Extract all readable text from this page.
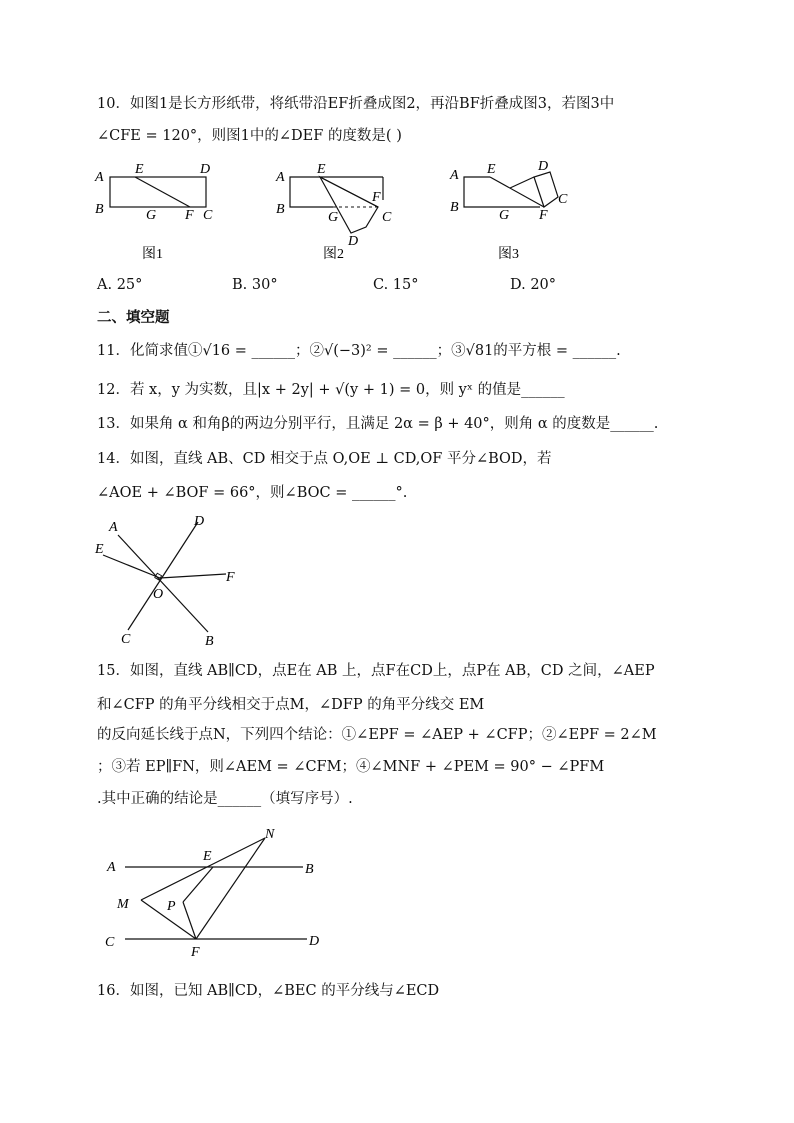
10．如图1是长方形纸带，将纸带沿EF折叠成图2，再沿BF折叠成图3，若图3中
∠CFE = 120°，则图1中的∠DEF 的度数是( )
A
B
E	D
G F C
图1
A
B
E
F
G	C
D
图2
A
B
E	D
G F
C
图3
A. 25°	B. 30°	C. 15°	D. 20°
二、填空题
11．化简求值①√16 = ______；②√(−3)² = ______；③√81的平方根 = ______.
12．若 x，y 为实数，且|x + 2y| + √(y + 1) = 0，则 yˣ 的值是______
13．如果角 α 和角β的两边分别平行，且满足 2α = β + 40°，则角 α 的度数是______.
14．如图，直线 AB、CD 相交于点 O,OE ⊥ CD,OF 平分∠BOD，若
∠AOE + ∠BOF = 66°，则∠BOC = ______°.
A	D
E
F
O
C	B
15．如图，直线 AB∥CD，点E在 AB 上，点F在CD上，点P在 AB，CD 之间，∠AEP
和∠CFP 的角平分线相交于点M，∠DFP 的角平分线交 EM
的反向延长线于点N，下列四个结论：①∠EPF = ∠AEP + ∠CFP；②∠EPF = 2∠M
；③若 EP∥FN，则∠AEM = ∠CFM；④∠MNF + ∠PEM = 90° − ∠PFM
.其中正确的结论是______（填写序号）.
N
A
E
B
M	P
C
F
D
16．如图，已知 AB∥CD，∠BEC 的平分线与∠ECD
